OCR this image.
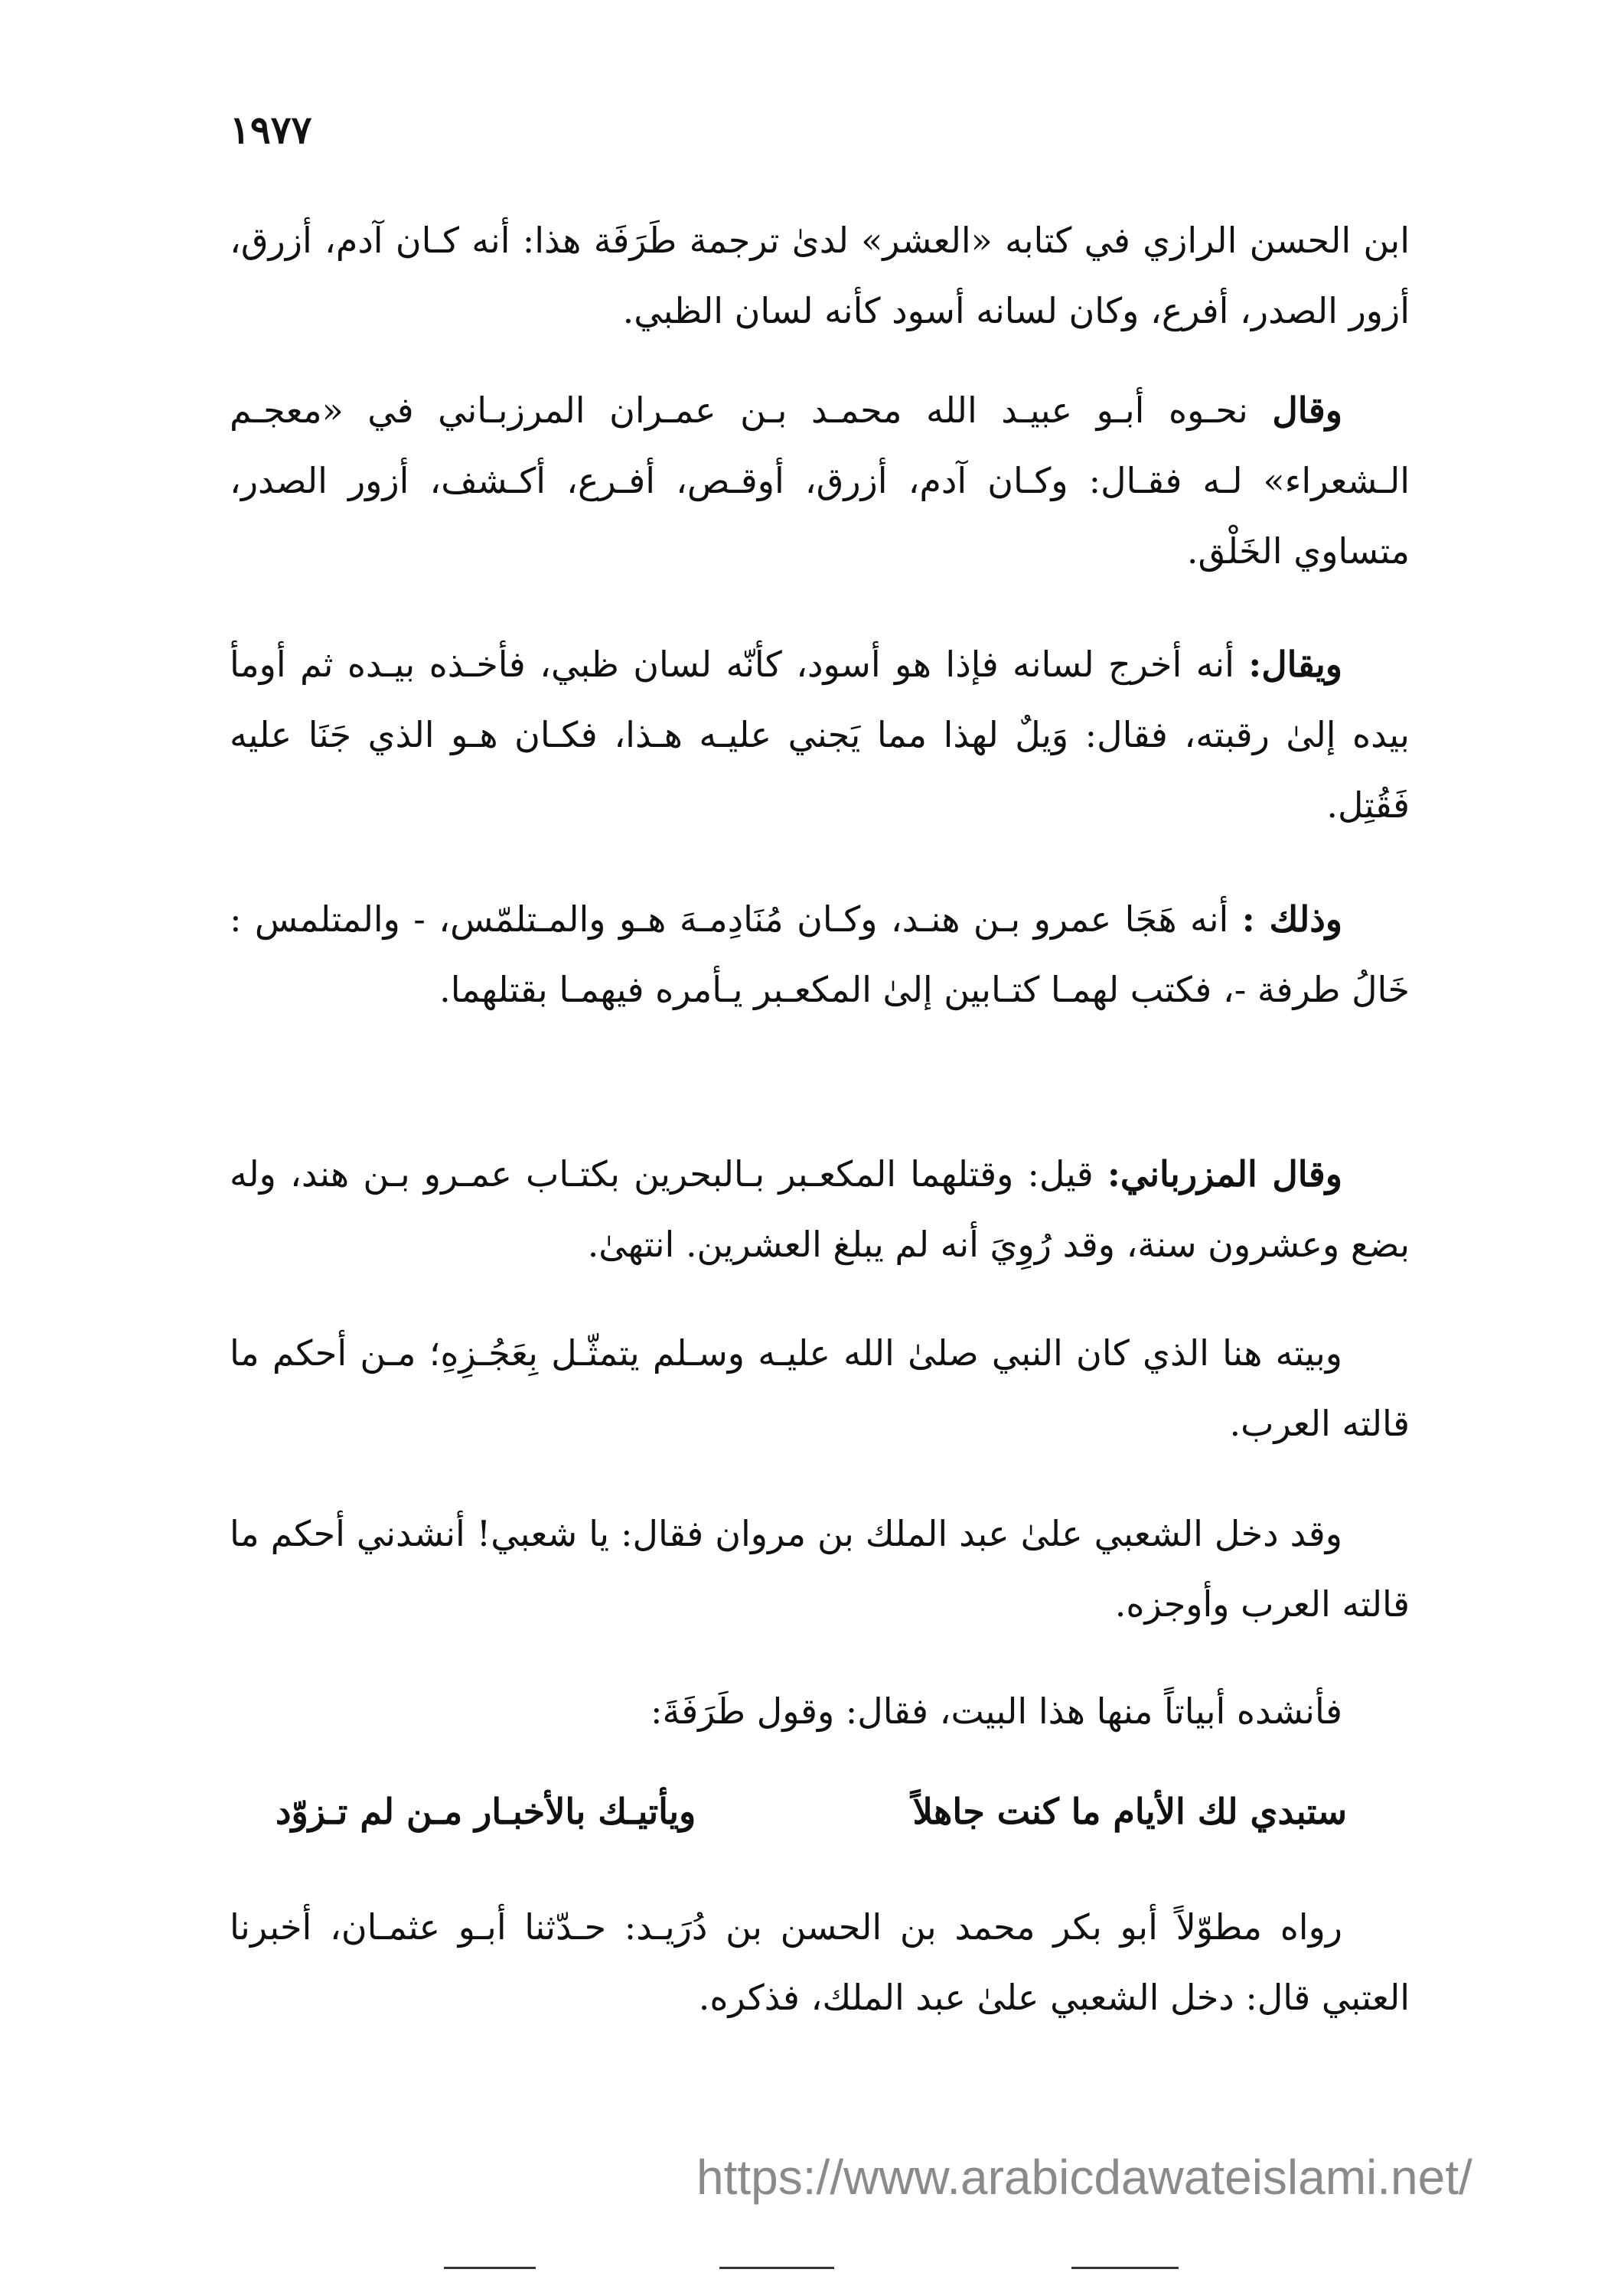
١٩٧٧

ابن الحسن الرازي في كتابه «العشر» لدىٰ ترجمة طَرَفَة هذا: أنه كـان آدم، أزرق، أزور الصدر، أفرع، وكان لسانه أسود كأنه لسان الظبي.

وقال نحـوه أبـو عبيـد الله محمـد بـن عمـران المرزبـاني في «معجـم الـشعراء» لـه فقـال: وكـان آدم، أزرق، أوقـص، أفـرع، أكـشف، أزور الصدر، متساوي الخَلْق.

ويقال: أنه أخرج لسانه فإذا هو أسود، كأنّه لسان ظبي، فأخـذه بيـده ثم أومأ بيده إلىٰ رقبته، فقال: وَيلٌ لهذا مما يَجني عليـه هـذا، فكـان هـو الذي جَنَا عليه فَقُتِل.

وذلك : أنه هَجَا عمرو بـن هنـد، وكـان مُنَادِمـهَ هـو والمـتلمّس، - والمتلمس : خَالُ طرفة -، فكتب لهمـا كتـابين إلىٰ المكعـبر يـأمره فيهمـا بقتلهما.

وقال المزرباني: قيل: وقتلهما المكعـبر بـالبحرين بكتـاب عمـرو بـن هند، وله بضع وعشرون سنة، وقد رُوِيَ أنه لم يبلغ العشرين. انتهىٰ.

وبيته هنا الذي كان النبي صلىٰ الله عليـه وسـلم يتمثّـل بِعَجُـزِهِ؛ مـن أحكم ما قالته العرب.

وقد دخل الشعبي علىٰ عبد الملك بن مروان فقال: يا شعبي! أنشدني أحكم ما قالته العرب وأوجزه.

فأنشده أبياتاً منها هذا البيت، فقال: وقول طَرَفَةَ:

ستبدي لك الأيام ما كنت جاهلاً
ويأتيـك بالأخبـار مـن لم تـزوّد

رواه مطوّلاً أبو بكر محمد بن الحسن بن دُرَيـد: حـدّثنا أبـو عثمـان، أخبرنا العتبي قال: دخل الشعبي علىٰ عبد الملك، فذكره.

https://www.arabicdawateislami.net/
